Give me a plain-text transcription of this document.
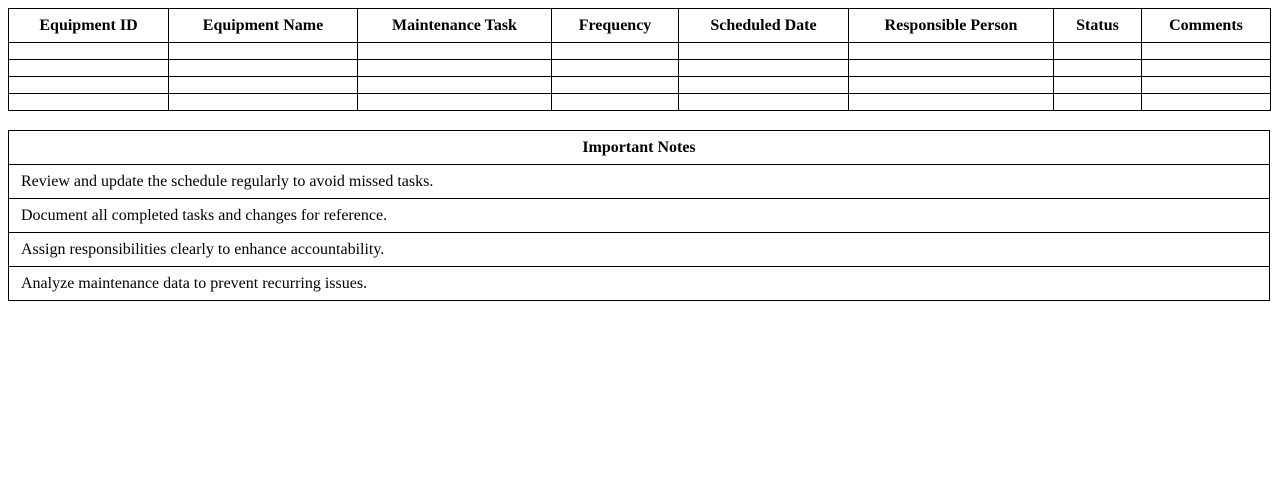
Equipment ID	Equipment Name	Maintenance Task	Frequency	Scheduled Date	Responsible Person	Status	Comments

Important Notes
Review and update the schedule regularly to avoid missed tasks.
Document all completed tasks and changes for reference.
Assign responsibilities clearly to enhance accountability.
Analyze maintenance data to prevent recurring issues.
